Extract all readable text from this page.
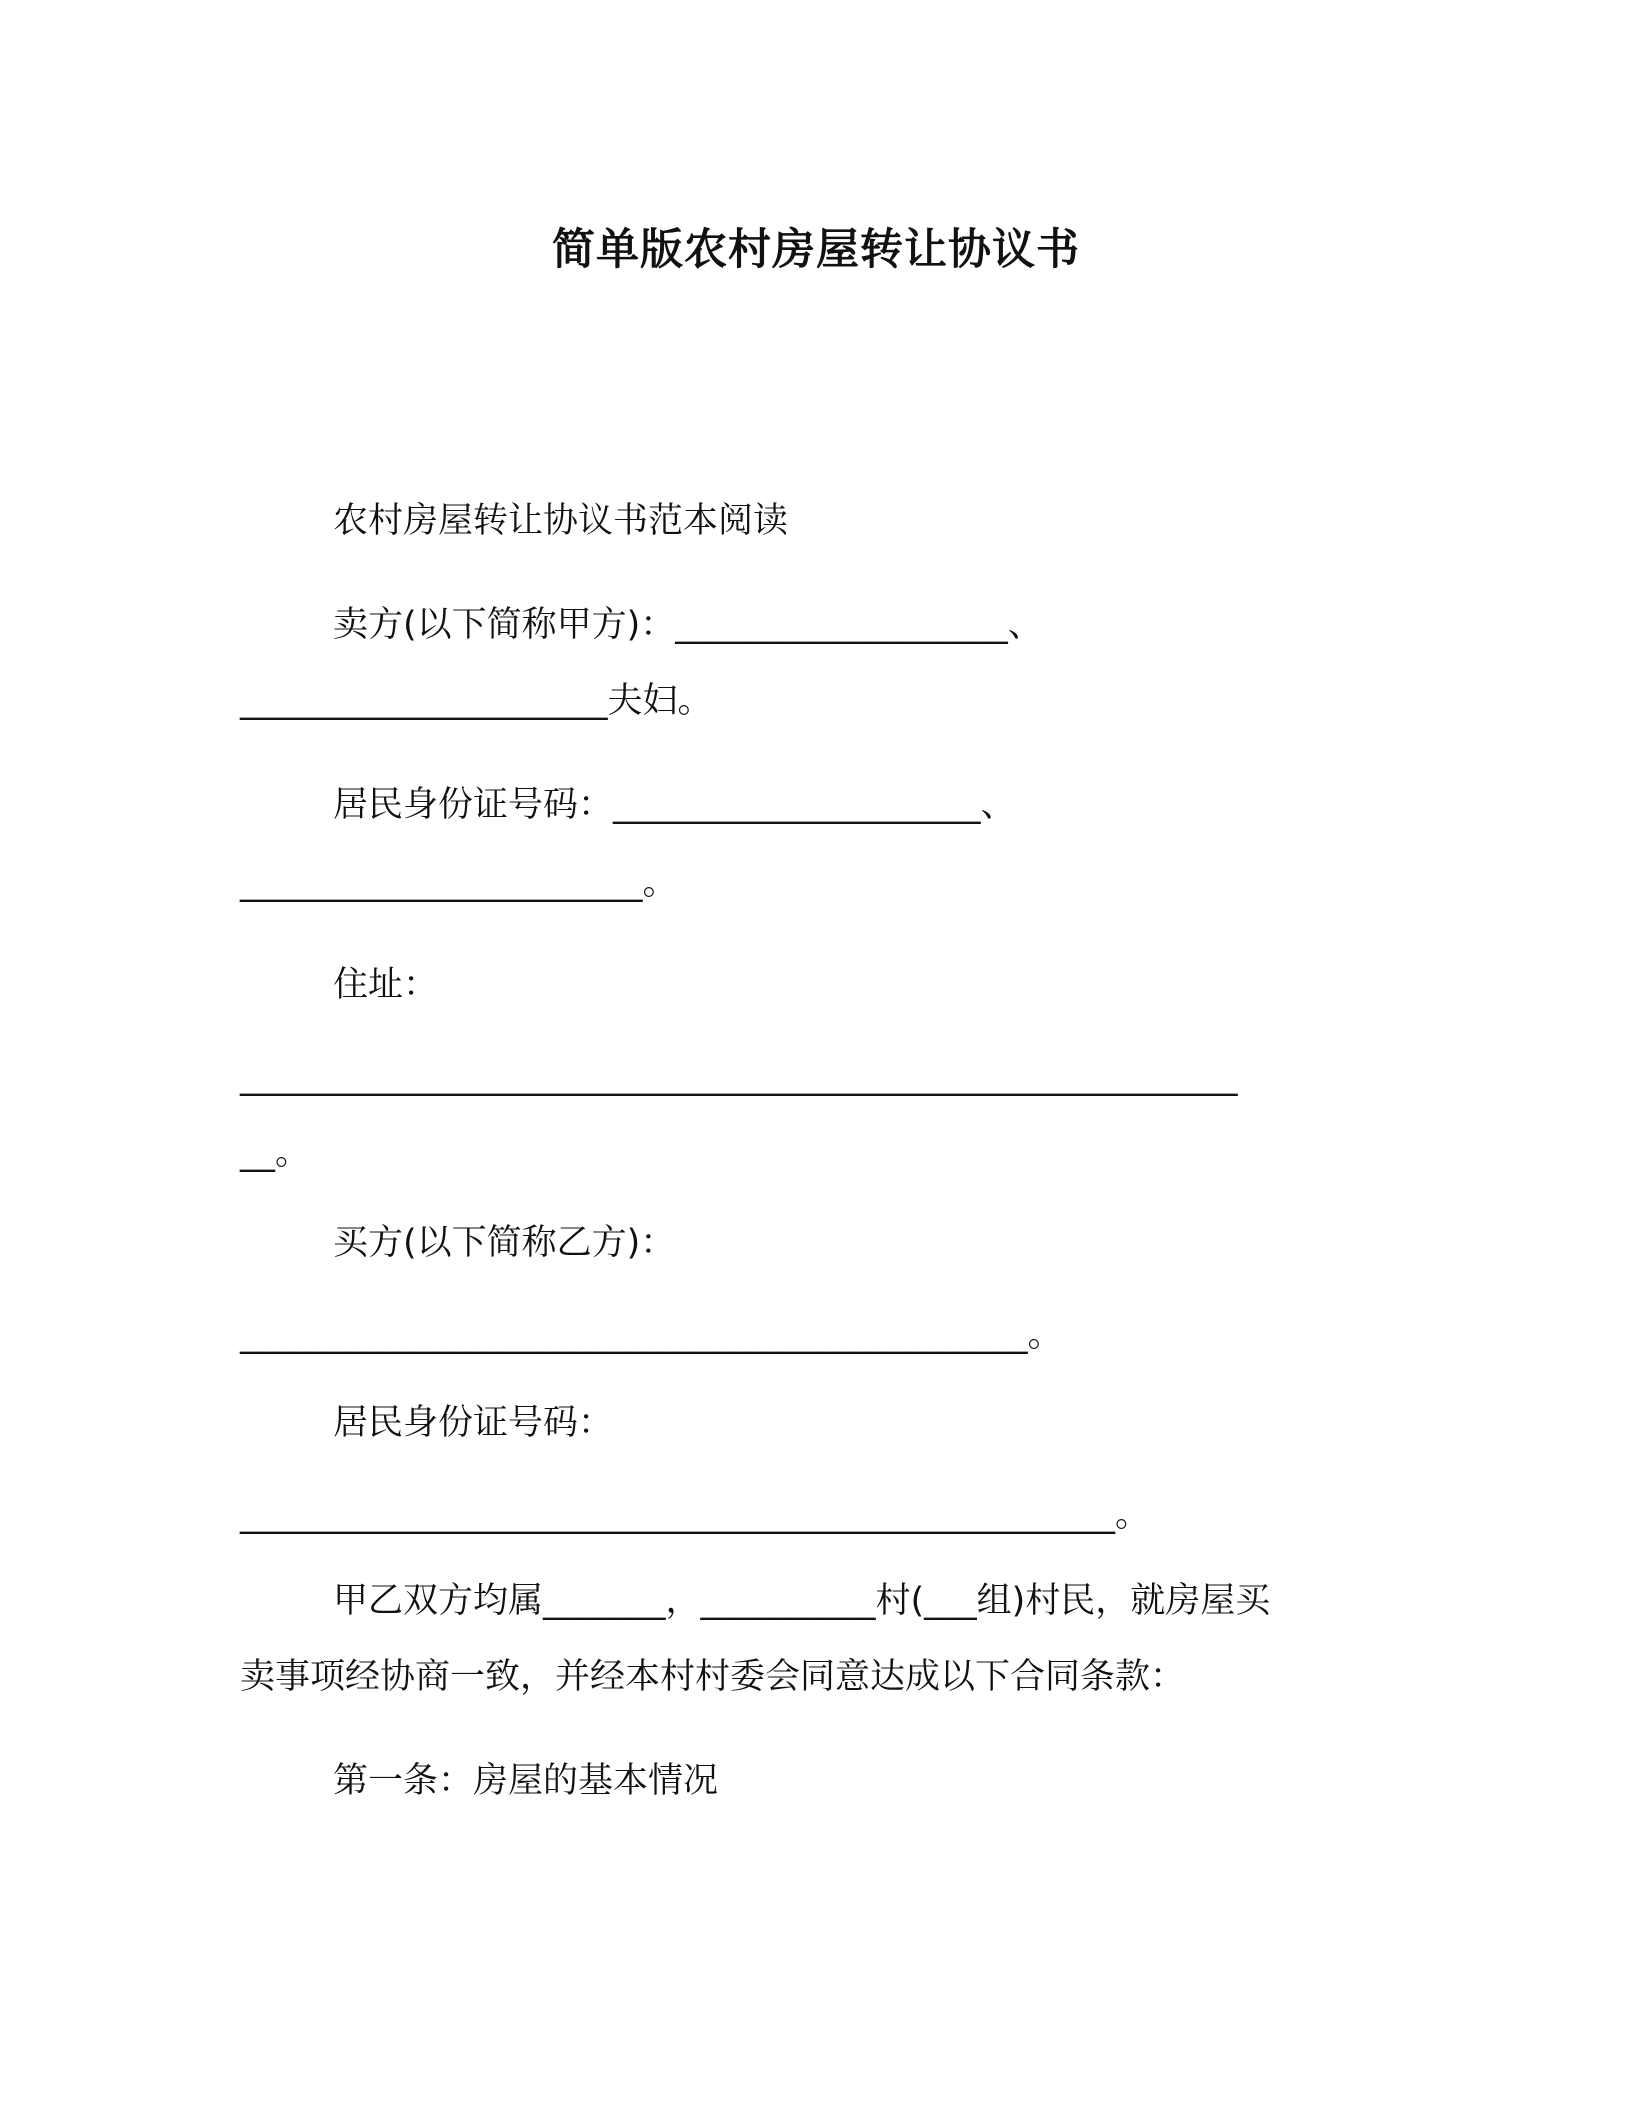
简单版农村房屋转让协议书
农村房屋转让协议书范本阅读
卖方(以下简称甲方)：___________________、
_____________________夫妇。
居民身份证号码：_____________________、
_______________________。
住址：
_________________________________________________________
__。
买方(以下简称乙方)：
_____________________________________________。
居民身份证号码：
__________________________________________________。
甲乙双方均属_______，__________村(___组)村民，就房屋买
卖事项经协商一致，并经本村村委会同意达成以下合同条款：
第一条：房屋的基本情况
